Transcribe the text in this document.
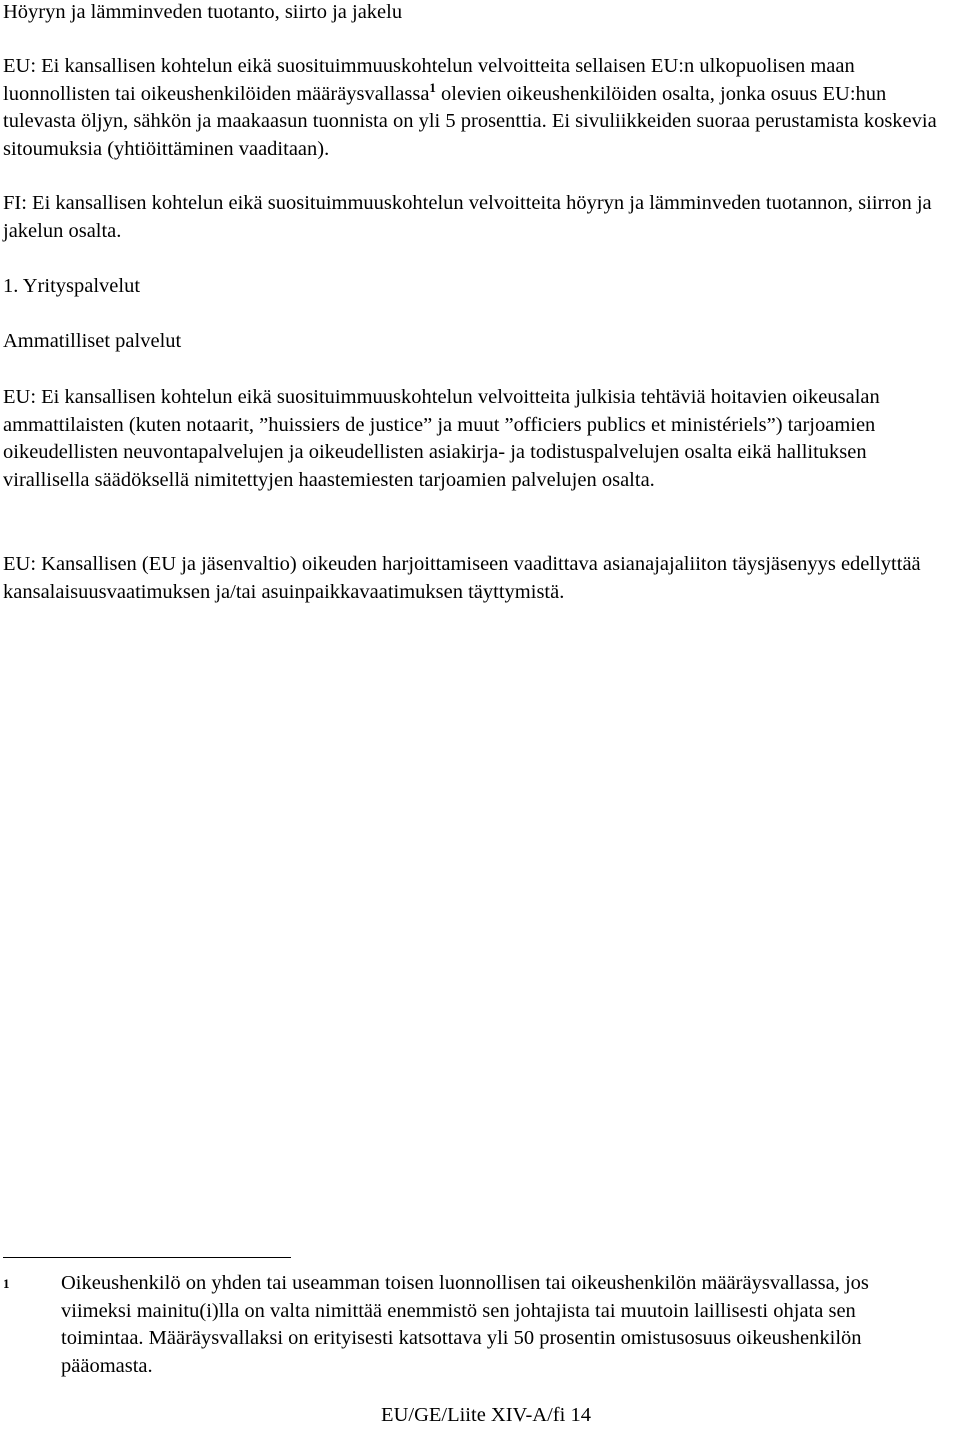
Höyryn ja lämminveden tuotanto, siirto ja jakelu

EU: Ei kansallisen kohtelun eikä suosituimmuuskohtelun velvoitteita sellaisen EU:n ulkopuolisen maan luonnollisten tai oikeushenkilöiden määräysvallassa$^1$ olevien oikeushenkilöiden osalta, jonka osuus EU:hun tulevasta öljyn, sähkön ja maakaasun tuonnista on yli 5 prosenttia. Ei sivuliikkeiden suoraa perustamista koskevia sitoumuksia (yhtiöittäminen vaaditaan).

FI: Ei kansallisen kohtelun eikä suosituimmuuskohtelun velvoitteita höyryn ja lämminveden tuotannon, siirron ja jakelun osalta.

1. Yrityspalvelut

Ammatilliset palvelut

EU: Ei kansallisen kohtelun eikä suosituimmuuskohtelun velvoitteita julkisia tehtäviä hoitavien oikeusalan ammattilaisten (kuten notaarit, ”huissiers de justice” ja muut ”officiers publics et ministériels”) tarjoamien oikeudellisten neuvontapalvelujen ja oikeudellisten asiakirja- ja todistuspalvelujen osalta eikä hallituksen virallisella säädöksellä nimitettyjen haastemiesten tarjoamien palvelujen osalta.

EU: Kansallisen (EU ja jäsenvaltio) oikeuden harjoittamiseen vaadittava asianajajaliiton täysjäsenyys edellyttää kansalaisuusvaatimuksen ja/tai asuinpaikkavaatimuksen täyttymistä.

1	Oikeushenkilö on yhden tai useamman toisen luonnollisen tai oikeushenkilön määräysvallassa, jos viimeksi mainitu(i)lla on valta nimittää enemmistö sen johtajista tai muutoin laillisesti ohjata sen toimintaa. Määräysvallaksi on erityisesti katsottava yli 50 prosentin omistusosuus oikeushenkilön pääomasta.

EU/GE/Liite XIV-A/fi 14
